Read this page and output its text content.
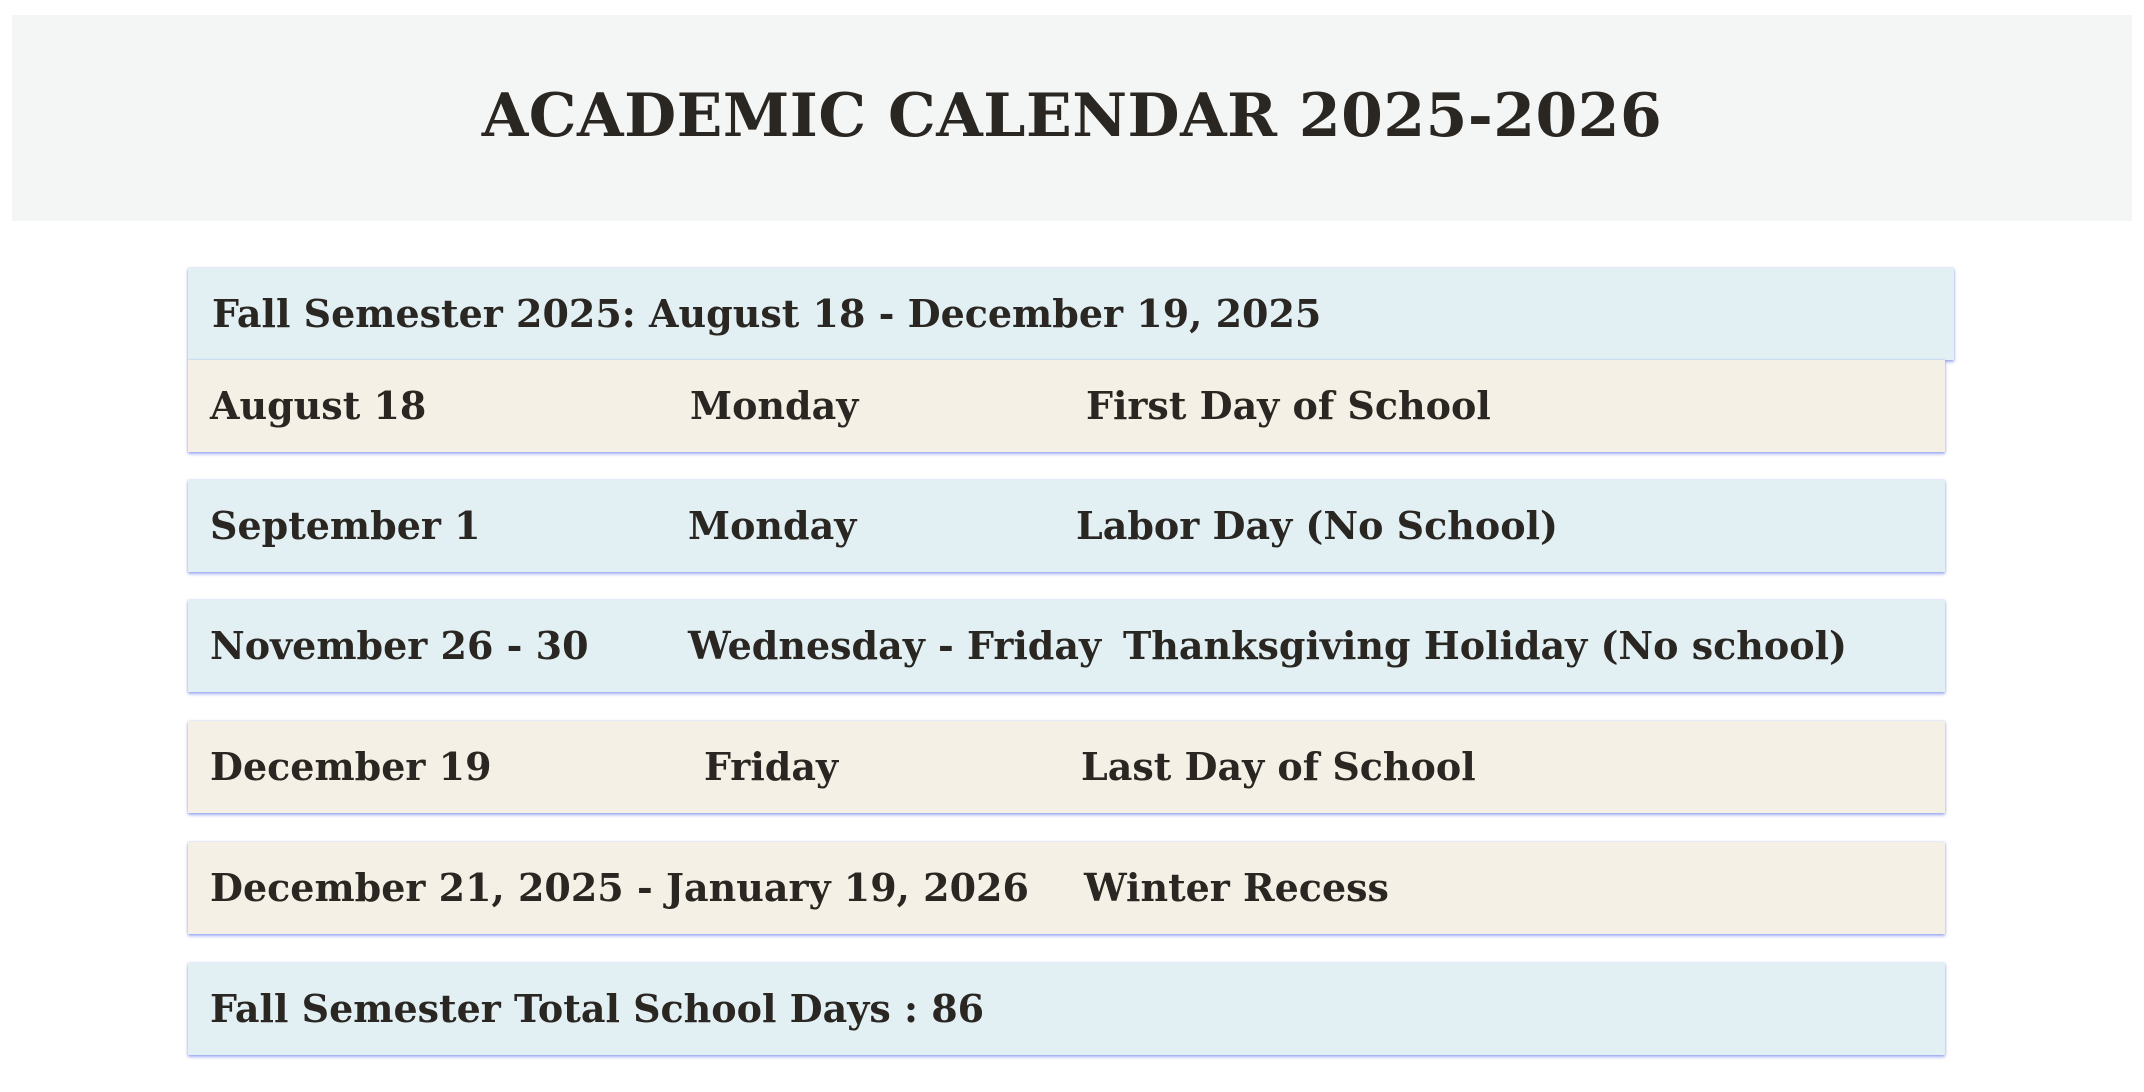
ACADEMIC CALENDAR 2025-2026
Fall Semester 2025: August 18 - December 19, 2025
August 18	Monday	First Day of School
September 1	Monday	Labor Day (No School)
November 26 - 30	Wednesday - Friday Thanksgiving Holiday (No school)
December 19	Friday	Last Day of School
December 21, 2025 - January 19, 2026 Winter Recess
Fall Semester Total School Days : 86
